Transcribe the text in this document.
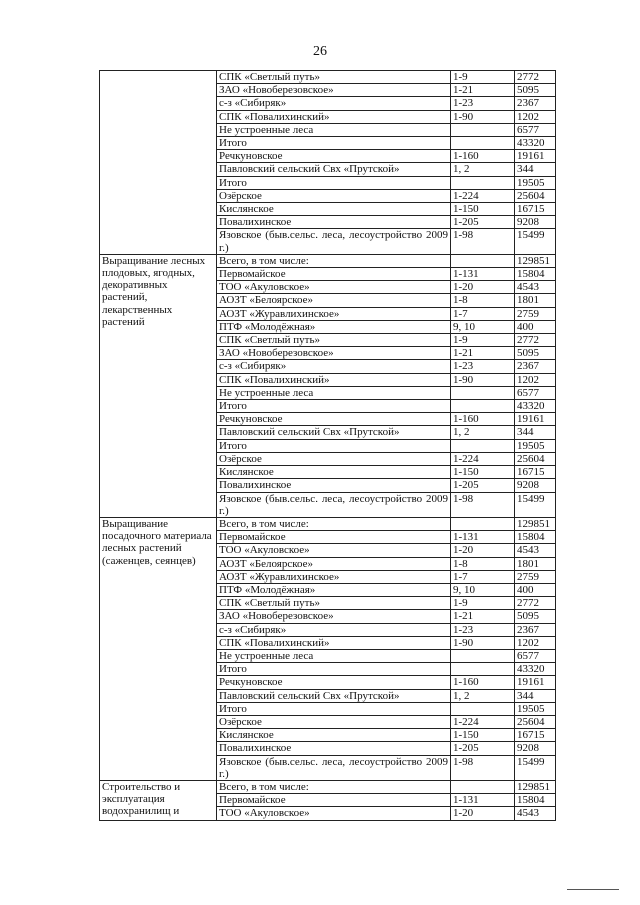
26
	СПК «Светлый путь»	1-9	2772
	ЗАО «Новоберезовское»	1-21	5095
	с-з «Сибиряк»	1-23	2367
	СПК «Повалихинский»	1-90	1202
	Не устроенные леса		6577
	Итого		43320
	Речкуновское	1-160	19161
	Павловский сельский Свх «Прутской»	1, 2	344
	Итого		19505
	Озёрское	1-224	25604
	Кислянское	1-150	16715
	Повалихинское	1-205	9208
	Язовское (быв.сельс. леса, лесоустройство 2009 г.)	1-98	15499
Выращивание лесных плодовых, ягодных, декоративных растений, лекарственных растений	Всего, в том числе:		129851
	Первомайское	1-131	15804
	ТОО «Акуловское»	1-20	4543
	АОЗТ «Белоярское»	1-8	1801
	АОЗТ «Журавлихинское»	1-7	2759
	ПТФ «Молодёжная»	9, 10	400
	СПК «Светлый путь»	1-9	2772
	ЗАО «Новоберезовское»	1-21	5095
	с-з «Сибиряк»	1-23	2367
	СПК «Повалихинский»	1-90	1202
	Не устроенные леса		6577
	Итого		43320
	Речкуновское	1-160	19161
	Павловский сельский Свх «Прутской»	1, 2	344
	Итого		19505
	Озёрское	1-224	25604
	Кислянское	1-150	16715
	Повалихинское	1-205	9208
	Язовское (быв.сельс. леса, лесоустройство 2009 г.)	1-98	15499
Выращивание посадочного материала лесных растений (саженцев, сеянцев)	Всего, в том числе:		129851
	Первомайское	1-131	15804
	ТОО «Акуловское»	1-20	4543
	АОЗТ «Белоярское»	1-8	1801
	АОЗТ «Журавлихинское»	1-7	2759
	ПТФ «Молодёжная»	9, 10	400
	СПК «Светлый путь»	1-9	2772
	ЗАО «Новоберезовское»	1-21	5095
	с-з «Сибиряк»	1-23	2367
	СПК «Повалихинский»	1-90	1202
	Не устроенные леса		6577
	Итого		43320
	Речкуновское	1-160	19161
	Павловский сельский Свх «Прутской»	1, 2	344
	Итого		19505
	Озёрское	1-224	25604
	Кислянское	1-150	16715
	Повалихинское	1-205	9208
	Язовское (быв.сельс. леса, лесоустройство 2009 г.)	1-98	15499
Строительство и эксплуатация водохранилищ и	Всего, в том числе:		129851
	Первомайское	1-131	15804
	ТОО «Акуловское»	1-20	4543
